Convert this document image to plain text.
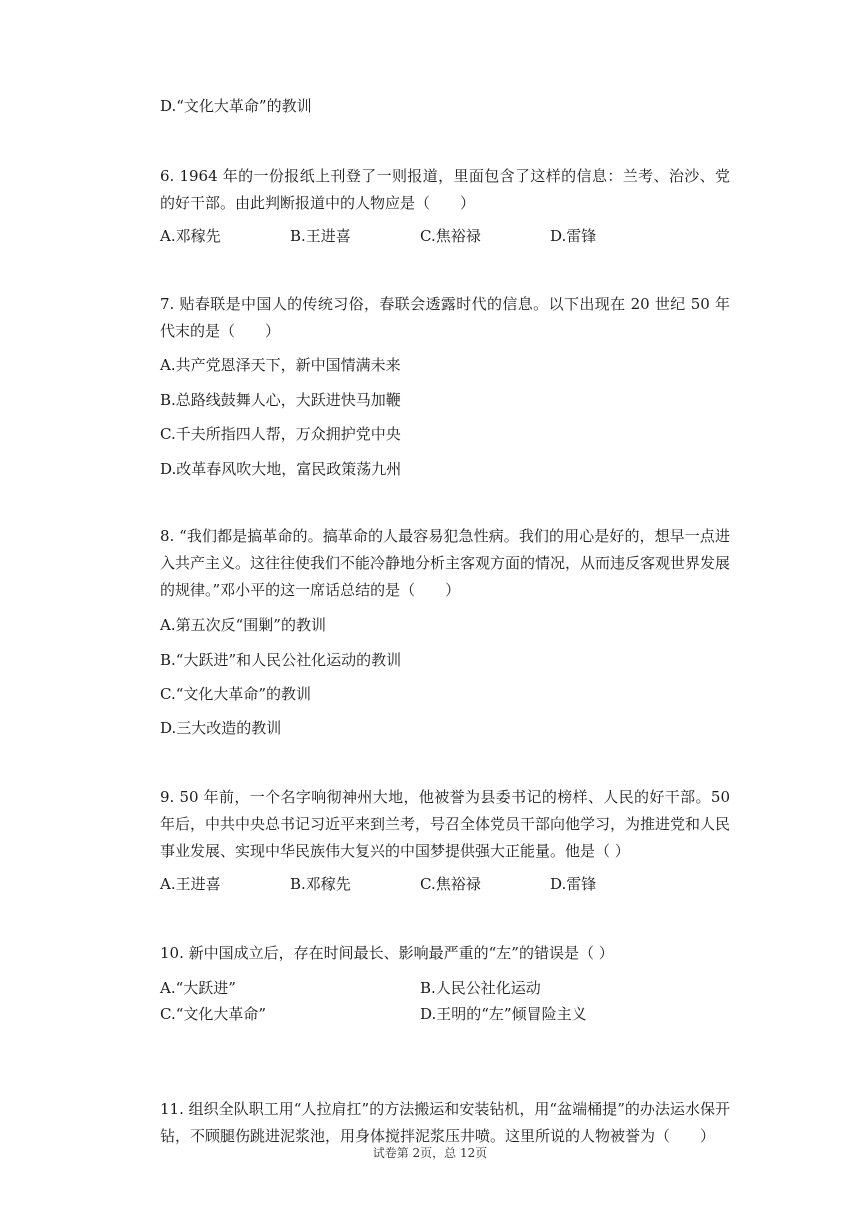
D.“文化大革命”的教训
6. 1964 年的一份报纸上刊登了一则报道，里面包含了这样的信息：兰考、治沙、党的好干部。由此判断报道中的人物应是（　　）
A.邓稼先	B.王进喜	C.焦裕禄	D.雷锋
7. 贴春联是中国人的传统习俗，春联会透露时代的信息。以下出现在 20 世纪 50 年代末的是（　　）
A.共产党恩泽天下，新中国情满未来
B.总路线鼓舞人心，大跃进快马加鞭
C.千夫所指四人帮，万众拥护党中央
D.改革春风吹大地，富民政策荡九州
8. “我们都是搞革命的。搞革命的人最容易犯急性病。我们的用心是好的，想早一点进入共产主义。这往往使我们不能冷静地分析主客观方面的情况，从而违反客观世界发展的规律。”邓小平的这一席话总结的是（　　）
A.第五次反“围剿”的教训
B.“大跃进”和人民公社化运动的教训
C.“文化大革命”的教训
D.三大改造的教训
9. 50 年前，一个名字响彻神州大地，他被誉为县委书记的榜样、人民的好干部。50 年后，中共中央总书记习近平来到兰考，号召全体党员干部向他学习，为推进党和人民事业发展、实现中华民族伟大复兴的中国梦提供强大正能量。他是（ ）
A.王进喜	B.邓稼先	C.焦裕禄	D.雷锋
10. 新中国成立后，存在时间最长、影响最严重的“左”的错误是（ ）
A.“大跃进”	B.人民公社化运动
C.“文化大革命”	D.王明的“左”倾冒险主义
11. 组织全队职工用“人拉肩扛”的方法搬运和安装钻机，用“盆端桶提”的办法运水保开钻，不顾腿伤跳进泥浆池，用身体搅拌泥浆压井喷。这里所说的人物被誉为（　　）
试卷第 2页，总 12页
